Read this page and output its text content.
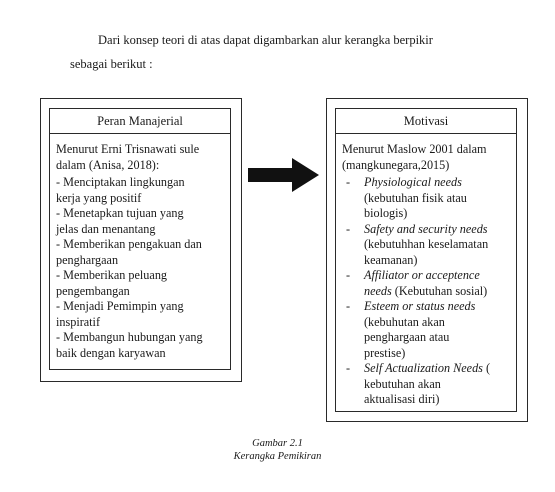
Dari konsep teori di atas dapat digambarkan alur kerangka berpikir
sebagai berikut :
Peran Manajerial
Menurut Erni Trisnawati sule
dalam (Anisa, 2018):
- Menciptakan lingkungan
kerja yang positif
- Menetapkan tujuan yang
jelas dan menantang
- Memberikan pengakuan dan
penghargaan
- Memberikan peluang
pengembangan
- Menjadi Pemimpin yang
inspiratif
- Membangun hubungan yang
baik dengan karyawan
Motivasi
Menurut Maslow 2001 dalam
(mangkunegara,2015)
- Physiological needs
(kebutuhan fisik atau
biologis)
- Safety and security needs
(kebutuhhan keselamatan
keamanan)
- Affiliator or acceptence
needs (Kebutuhan sosial)
- Esteem or status needs
(kebuhutan akan
penghargaan atau
prestise)
- Self Actualization Needs (
kebutuhan akan
aktualisasi diri)
Gambar 2.1
Kerangka Pemikiran
